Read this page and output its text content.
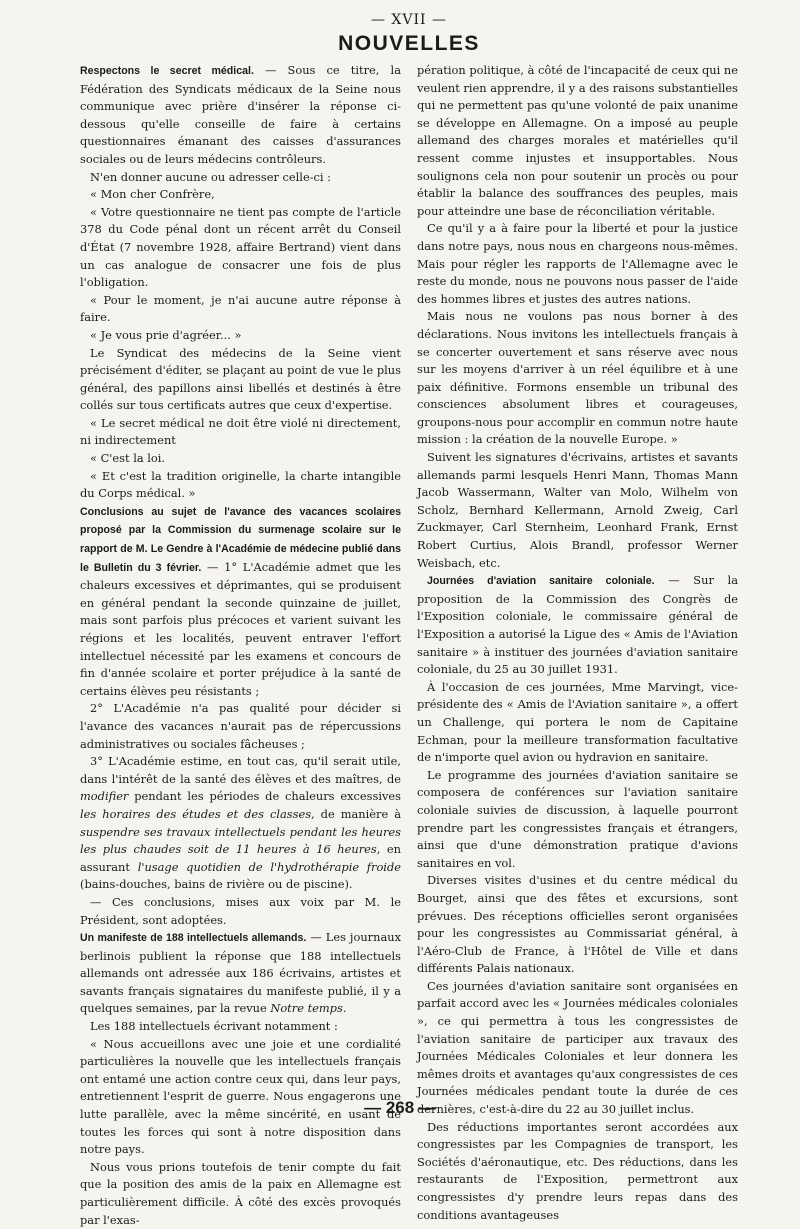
— XVII —
NOUVELLES

Respectons le secret médical. — Sous ce titre, la Fédération des Syndicats médicaux de la Seine nous communique avec prière d'insérer la réponse ci-dessous qu'elle conseille de faire à certains questionnaires émanant des caisses d'assurances sociales ou de leurs médecins contrôleurs.

N'en donner aucune ou adresser celle-ci :

« Mon cher Confrère,

« Votre questionnaire ne tient pas compte de l'article 378 du Code pénal dont un récent arrêt du Conseil d'État (7 novembre 1928, affaire Bertrand) vient dans un cas analogue de consacrer une fois de plus l'obligation.

« Pour le moment, je n'ai aucune autre réponse à faire.

« Je vous prie d'agréer... »

Le Syndicat des médecins de la Seine vient précisément d'éditer, se plaçant au point de vue le plus général, des papillons ainsi libellés et destinés à être collés sur tous certificats autres que ceux d'expertise.

« Le secret médical ne doit être violé ni directement, ni indirectement

« C'est la loi.

« Et c'est la tradition originelle, la charte intangible du Corps médical. »

Conclusions au sujet de l'avance des vacances scolaires proposé par la Commission du surmenage scolaire sur le rapport de M. Le Gendre à l'Académie de médecine publié dans le Bulletin du 3 février. — 1° L'Académie admet que les chaleurs excessives et déprimantes, qui se produisent en général pendant la seconde quinzaine de juillet, mais sont parfois plus précoces et varient suivant les régions et les localités, peuvent entraver l'effort intellectuel nécessité par les examens et concours de fin d'année scolaire et porter préjudice à la santé de certains élèves peu résistants ;

2° L'Académie n'a pas qualité pour décider si l'avance des vacances n'aurait pas de répercussions administratives ou sociales fâcheuses ;

3° L'Académie estime, en tout cas, qu'il serait utile, dans l'intérêt de la santé des élèves et des maîtres, de modifier pendant les périodes de chaleurs excessives les horaires des études et des classes, de manière à suspendre ses travaux intellectuels pendant les heures les plus chaudes soit de 11 heures à 16 heures, en assurant l'usage quotidien de l'hydrothérapie froide (bains-douches, bains de rivière ou de piscine).

— Ces conclusions, mises aux voix par M. le Président, sont adoptées.

Un manifeste de 188 intellectuels allemands. — Les journaux berlinois publient la réponse que 188 intellectuels allemands ont adressée aux 186 écrivains, artistes et savants français signataires du manifeste publié, il y a quelques semaines, par la revue Notre temps.

Les 188 intellectuels écrivant notamment :

« Nous accueillons avec une joie et une cordialité particulières la nouvelle que les intellectuels français ont entamé une action contre ceux qui, dans leur pays, entretiennent l'esprit de guerre. Nous engagerons une lutte parallèle, avec la même sincérité, en usant de toutes les forces qui sont à notre disposition dans notre pays.

Nous vous prions toutefois de tenir compte du fait que la position des amis de la paix en Allemagne est particulièrement difficile. À côté des excès provoqués par l'exas-

pération politique, à côté de l'incapacité de ceux qui ne veulent rien apprendre, il y a des raisons substantielles qui ne permettent pas qu'une volonté de paix unanime se développe en Allemagne. On a imposé au peuple allemand des charges morales et matérielles qu'il ressent comme injustes et insupportables. Nous soulignons cela non pour soutenir un procès ou pour établir la balance des souffrances des peuples, mais pour atteindre une base de réconciliation véritable.

Ce qu'il y a à faire pour la liberté et pour la justice dans notre pays, nous nous en chargeons nous-mêmes. Mais pour régler les rapports de l'Allemagne avec le reste du monde, nous ne pouvons nous passer de l'aide des hommes libres et justes des autres nations.

Mais nous ne voulons pas nous borner à des déclarations. Nous invitons les intellectuels français à se concerter ouvertement et sans réserve avec nous sur les moyens d'arriver à un réel équilibre et à une paix définitive. Formons ensemble un tribunal des consciences absolument libres et courageuses, groupons-nous pour accomplir en commun notre haute mission : la création de la nouvelle Europe. »

Suivent les signatures d'écrivains, artistes et savants allemands parmi lesquels Henri Mann, Thomas Mann Jacob Wassermann, Walter van Molo, Wilhelm von Scholz, Bernhard Kellermann, Arnold Zweig, Carl Zuckmayer, Carl Sternheim, Leonhard Frank, Ernst Robert Curtius, Alois Brandl, professor Werner Weisbach, etc.

Journées d'aviation sanitaire coloniale. — Sur la proposition de la Commission des Congrès de l'Exposition coloniale, le commissaire général de l'Exposition a autorisé la Ligue des « Amis de l'Aviation sanitaire » à instituer des journées d'aviation sanitaire coloniale, du 25 au 30 juillet 1931.

À l'occasion de ces journées, Mme Marvingt, vice-présidente des « Amis de l'Aviation sanitaire », a offert un Challenge, qui portera le nom de Capitaine Echman, pour la meilleure transformation facultative de n'importe quel avion ou hydravion en sanitaire.

Le programme des journées d'aviation sanitaire se composera de conférences sur l'aviation sanitaire coloniale suivies de discussion, à laquelle pourront prendre part les congressistes français et étrangers, ainsi que d'une démonstration pratique d'avions sanitaires en vol.

Diverses visites d'usines et du centre médical du Bourget, ainsi que des fêtes et excursions, sont prévues. Des réceptions officielles seront organisées pour les congressistes au Commissariat général, à l'Aéro-Club de France, à l'Hôtel de Ville et dans différents Palais nationaux.

Ces journées d'aviation sanitaire sont organisées en parfait accord avec les « Journées médicales coloniales », ce qui permettra à tous les congressistes de l'aviation sanitaire de participer aux travaux des Journées Médicales Coloniales et leur donnera les mêmes droits et avantages qu'aux congressistes de ces Journées médicales pendant toute la durée de ces dernières, c'est-à-dire du 22 au 30 juillet inclus.

Des réductions importantes seront accordées aux congressistes par les Compagnies de transport, les Sociétés d'aéronautique, etc. Des réductions, dans les restaurants de l'Exposition, permettront aux congressistes d'y prendre leurs repas dans des conditions avantageuses

— 268 —
